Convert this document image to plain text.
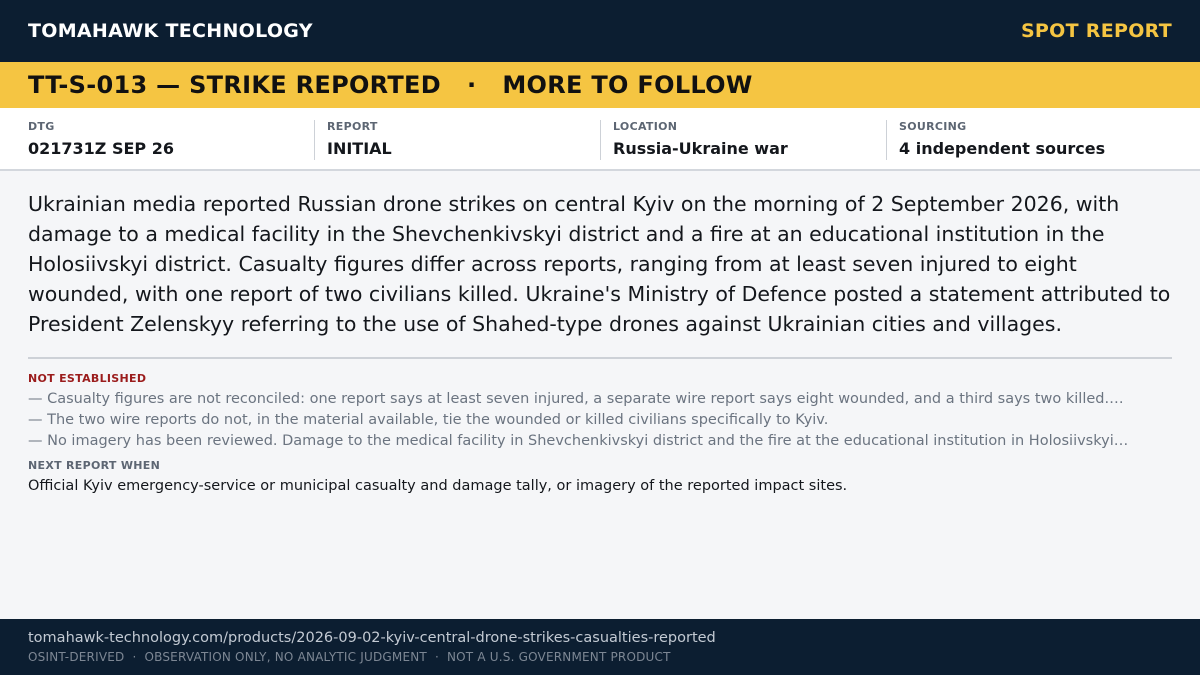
TOMAHAWK TECHNOLOGY	SPOT REPORT
TT-S-013 — STRIKE REPORTED · MORE TO FOLLOW
DTG
021731Z SEP 26
REPORT
INITIAL
LOCATION
Russia-Ukraine war
SOURCING
4 independent sources

Ukrainian media reported Russian drone strikes on central Kyiv on the morning of 2 September 2026, with damage to a medical facility in the Shevchenkivskyi district and a fire at an educational institution in the Holosiivskyi district. Casualty figures differ across reports, ranging from at least seven injured to eight wounded, with one report of two civilians killed. Ukraine's Ministry of Defence posted a statement attributed to President Zelenskyy referring to the use of Shahed-type drones against Ukrainian cities and villages.

NOT ESTABLISHED
— Casualty figures are not reconciled: one report says at least seven injured, a separate wire report says eight wounded, and a third says two killed.…
— The two wire reports do not, in the material available, tie the wounded or killed civilians specifically to Kyiv.
— No imagery has been reviewed. Damage to the medical facility in Shevchenkivskyi district and the fire at the educational institution in Holosiivskyi…
NEXT REPORT WHEN
Official Kyiv emergency-service or municipal casualty and damage tally, or imagery of the reported impact sites.
tomahawk-technology.com/products/2026-09-02-kyiv-central-drone-strikes-casualties-reported
OSINT-DERIVED · OBSERVATION ONLY, NO ANALYTIC JUDGMENT · NOT A U.S. GOVERNMENT PRODUCT
